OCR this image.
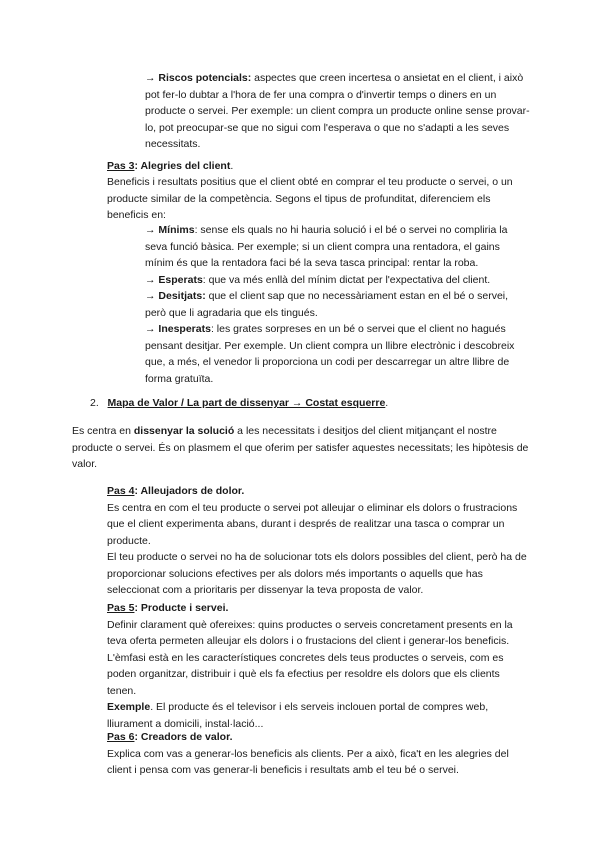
→ Riscos potencials: aspectes que creen incertesa o ansietat en el client, i això pot fer-lo dubtar a l'hora de fer una compra o d'invertir temps o diners en un producte o servei. Per exemple: un client compra un producte online sense provar-lo, pot preocupar-se que no sigui com l'esperava o que no s'adapti a les seves necessitats.

Pas 3: Alegries del client.

Beneficis i resultats positius que el client obté en comprar el teu producte o servei, o un producte similar de la competència. Segons el tipus de profunditat, diferenciem els beneficis en:

→ Mínims: sense els quals no hi hauria solució i el bé o servei no compliria la seva funció bàsica. Per exemple; si un client compra una rentadora, el gains mínim és que la rentadora faci bé la seva tasca principal: rentar la roba.

→ Esperats: que va més enllà del mínim dictat per l'expectativa del client.

→ Desitjats: que el client sap que no necessàriament estan en el bé o servei, però que li agradaria que els tingués.

→ Inesperats: les grates sorpreses en un bé o servei que el client no hagués pensant desitjar. Per exemple. Un client compra un llibre electrònic i descobreix que, a més, el venedor li proporciona un codi per descarregar un altre llibre de forma gratuïta.

2. Mapa de Valor / La part de dissenyar → Costat esquerre.

Es centra en dissenyar la solució a les necessitats i desitjos del client mitjançant el nostre producte o servei. És on plasmem el que oferim per satisfer aquestes necessitats; les hipòtesis de valor.

Pas 4: Alleujadors de dolor.

Es centra en com el teu producte o servei pot alleujar o eliminar els dolors o frustracions que el client experimenta abans, durant i després de realitzar una tasca o comprar un producte.

El teu producte o servei no ha de solucionar tots els dolors possibles del client, però ha de proporcionar solucions efectives per als dolors més importants o aquells que has seleccionat com a prioritaris per dissenyar la teva proposta de valor.

Pas 5: Producte i servei.

Definir clarament què ofereixes: quins productes o serveis concretament presents en la teva oferta permeten alleujar els dolors i o frustacions del client i generar-los beneficis. L'èmfasi està en les característiques concretes dels teus productes o serveis, com es poden organitzar, distribuir i què els fa efectius per resoldre els dolors que els clients tenen.

Exemple. El producte és el televisor i els serveis inclouen portal de compres web, lliurament a domicili, instal·lació...

Pas 6: Creadors de valor.

Explica com vas a generar-los beneficis als clients. Per a això, fica't en les alegries del client i pensa com vas generar-li beneficis i resultats amb el teu bé o servei.
